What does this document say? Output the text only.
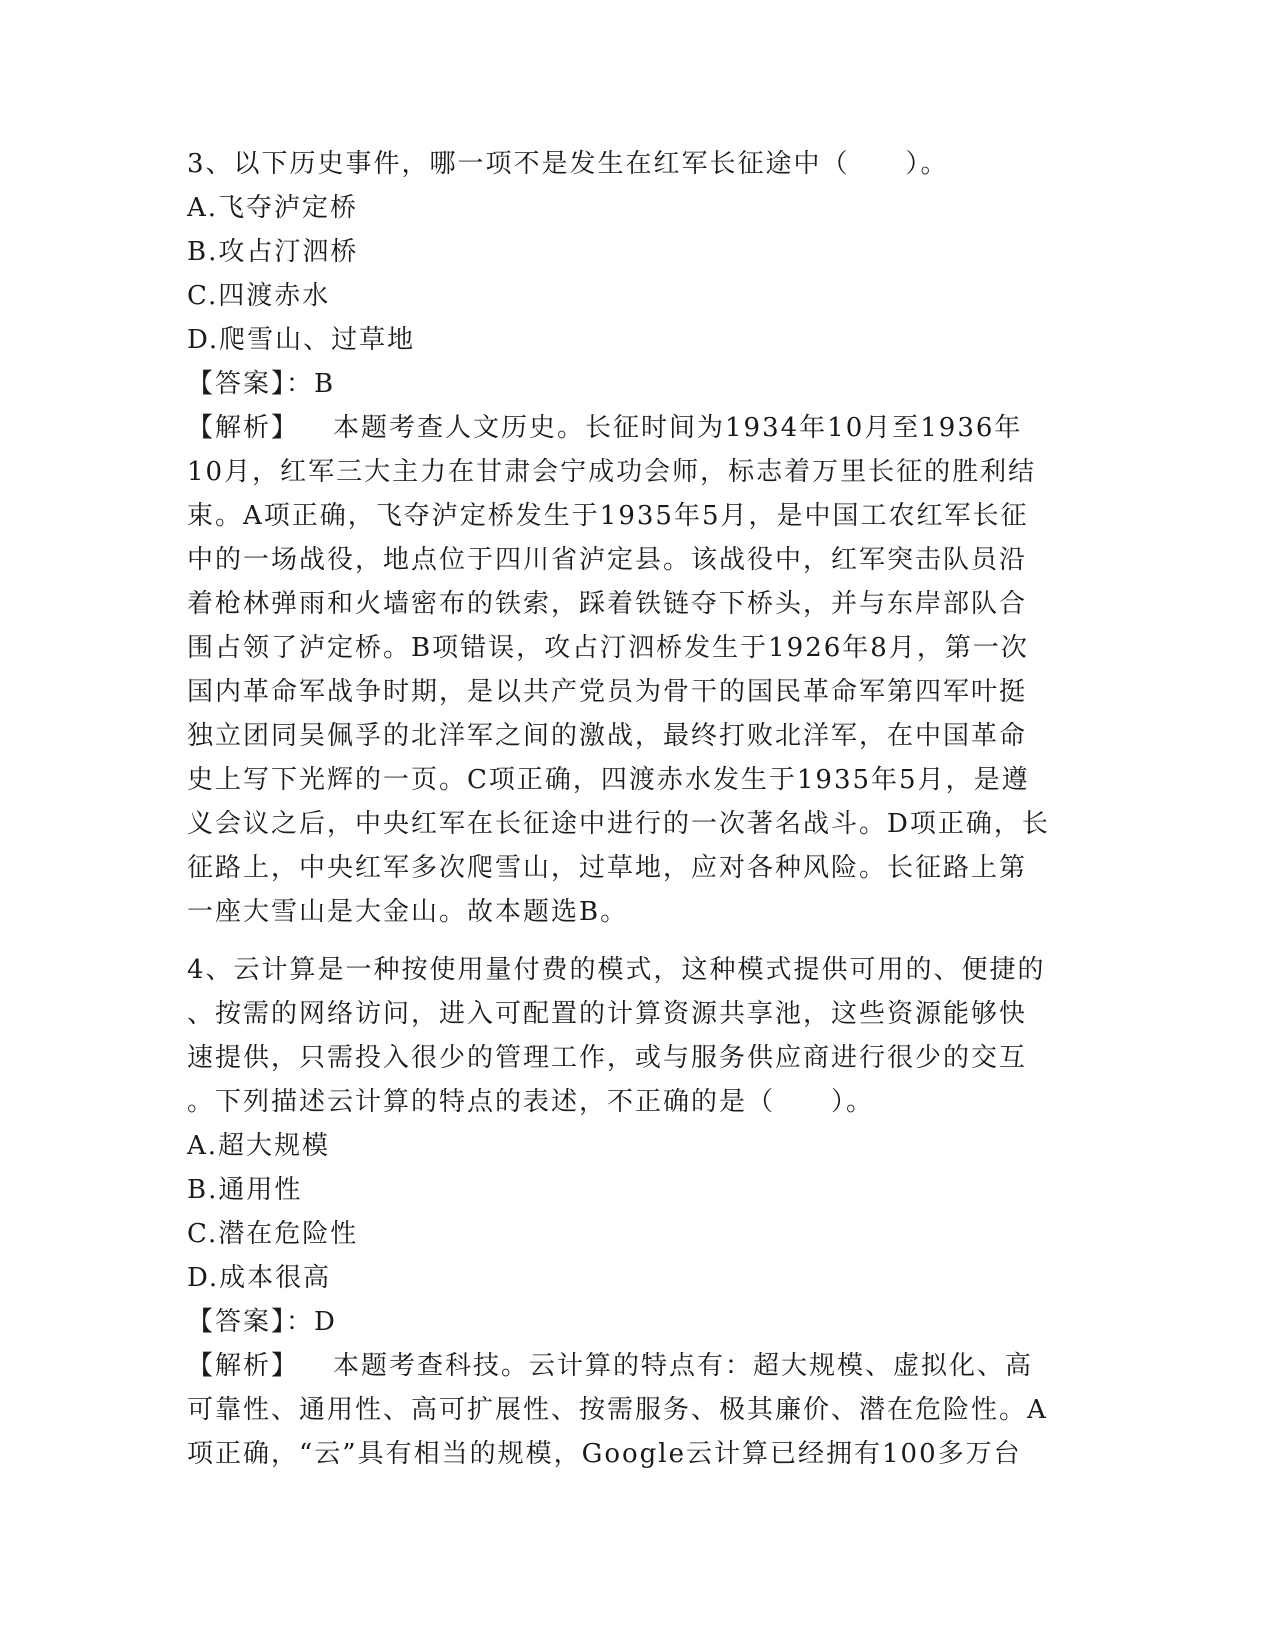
3、以下历史事件，哪一项不是发生在红军长征途中（　　）。
A.飞夺泸定桥
B.攻占汀泗桥
C.四渡赤水
D.爬雪山、过草地
【答案】：B
【解析】 本题考查人文历史。长征时间为1934年10月至1936年
10月，红军三大主力在甘肃会宁成功会师，标志着万里长征的胜利结
束。A项正确，飞夺泸定桥发生于1935年5月，是中国工农红军长征
中的一场战役，地点位于四川省泸定县。该战役中，红军突击队员沿
着枪林弹雨和火墙密布的铁索，踩着铁链夺下桥头，并与东岸部队合
围占领了泸定桥。B项错误，攻占汀泗桥发生于1926年8月，第一次
国内革命军战争时期，是以共产党员为骨干的国民革命军第四军叶挺
独立团同吴佩孚的北洋军之间的激战，最终打败北洋军，在中国革命
史上写下光辉的一页。C项正确，四渡赤水发生于1935年5月，是遵
义会议之后，中央红军在长征途中进行的一次著名战斗。D项正确，长
征路上，中央红军多次爬雪山，过草地，应对各种风险。长征路上第
一座大雪山是大金山。故本题选B。
4、云计算是一种按使用量付费的模式，这种模式提供可用的、便捷的
、按需的网络访问，进入可配置的计算资源共享池，这些资源能够快
速提供，只需投入很少的管理工作，或与服务供应商进行很少的交互
。下列描述云计算的特点的表述，不正确的是（　　）。
A.超大规模
B.通用性
C.潜在危险性
D.成本很高
【答案】：D
【解析】 本题考查科技。云计算的特点有：超大规模、虚拟化、高
可靠性、通用性、高可扩展性、按需服务、极其廉价、潜在危险性。A
项正确，“云”具有相当的规模，Google云计算已经拥有100多万台
